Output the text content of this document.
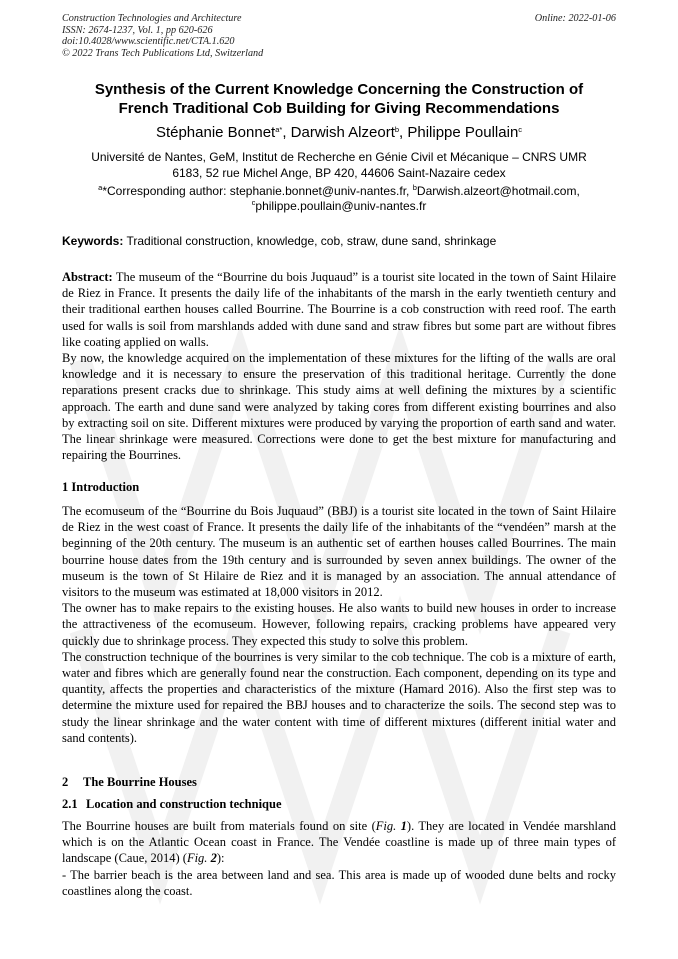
Construction Technologies and Architecture
ISSN: 2674-1237, Vol. 1, pp 620-626
doi:10.4028/www.scientific.net/CTA.1.620
© 2022 Trans Tech Publications Ltd, Switzerland
Online: 2022-01-06
Synthesis of the Current Knowledge Concerning the Construction of
French Traditional Cob Building for Giving Recommendations
Stéphanie Bonnet$^{a*}$, Darwish Alzeort$^b$, Philippe Poullain$^c$
Université de Nantes, GeM, Institut de Recherche en Génie Civil et Mécanique – CNRS UMR
6183, 52 rue Michel Ange, BP 420, 44606 Saint-Nazaire cedex
$^a$*Corresponding author: stephanie.bonnet@univ-nantes.fr, $^b$Darwish.alzeort@hotmail.com,
$^c$philippe.poullain@univ-nantes.fr
Keywords: Traditional construction, knowledge, cob, straw, dune sand, shrinkage

Abstract: The museum of the “Bourrine du bois Juquaud” is a tourist site located in the town of Saint Hilaire de Riez in France. It presents the daily life of the inhabitants of the marsh in the early twentieth century and their traditional earthen houses called Bourrine. The Bourrine is a cob construction with reed roof. The earth used for walls is soil from marshlands added with dune sand and straw fibres but some part are without fibres like coating applied on walls.

By now, the knowledge acquired on the implementation of these mixtures for the lifting of the walls are oral knowledge and it is necessary to ensure the preservation of this traditional heritage. Currently the done reparations present cracks due to shrinkage. This study aims at well defining the mixtures by a scientific approach. The earth and dune sand were analyzed by taking cores from different existing bourrines and also by extracting soil on site. Different mixtures were produced by varying the proportion of earth sand and water. The linear shrinkage were measured. Corrections were done to get the best mixture for manufacturing and repairing the Bourrines.

1 Introduction

The ecomuseum of the “Bourrine du Bois Juquaud” (BBJ) is a tourist site located in the town of Saint Hilaire de Riez in the west coast of France. It presents the daily life of the inhabitants of the “vendéen” marsh at the beginning of the 20th century. The museum is an authentic set of earthen houses called Bourrines. The main bourrine house dates from the 19th century and is surrounded by seven annex buildings. The owner of the museum is the town of St Hilaire de Riez and it is managed by an association. The annual attendance of visitors to the museum was estimated at 18,000 visitors in 2012.

The owner has to make repairs to the existing houses. He also wants to build new houses in order to increase the attractiveness of the ecomuseum. However, following repairs, cracking problems have appeared very quickly due to shrinkage process. They expected this study to solve this problem.

The construction technique of the bourrines is very similar to the cob technique. The cob is a mixture of earth, water and fibres which are generally found near the construction. Each component, depending on its type and quantity, affects the properties and characteristics of the mixture (Hamard 2016). Also the first step was to determine the mixture used for repaired the BBJ houses and to characterize the soils. The second step was to study the linear shrinkage and the water content with time of different mixtures (different initial water and sand contents).

2 The Bourrine Houses
2.1 Location and construction technique

The Bourrine houses are built from materials found on site (Fig. 1). They are located in Vendée marshland which is on the Atlantic Ocean coast in France. The Vendée coastline is made up of three main types of landscape (Caue, 2014) (Fig. 2):

- The barrier beach is the area between land and sea. This area is made up of wooded dune belts and rocky coastlines along the coast.
